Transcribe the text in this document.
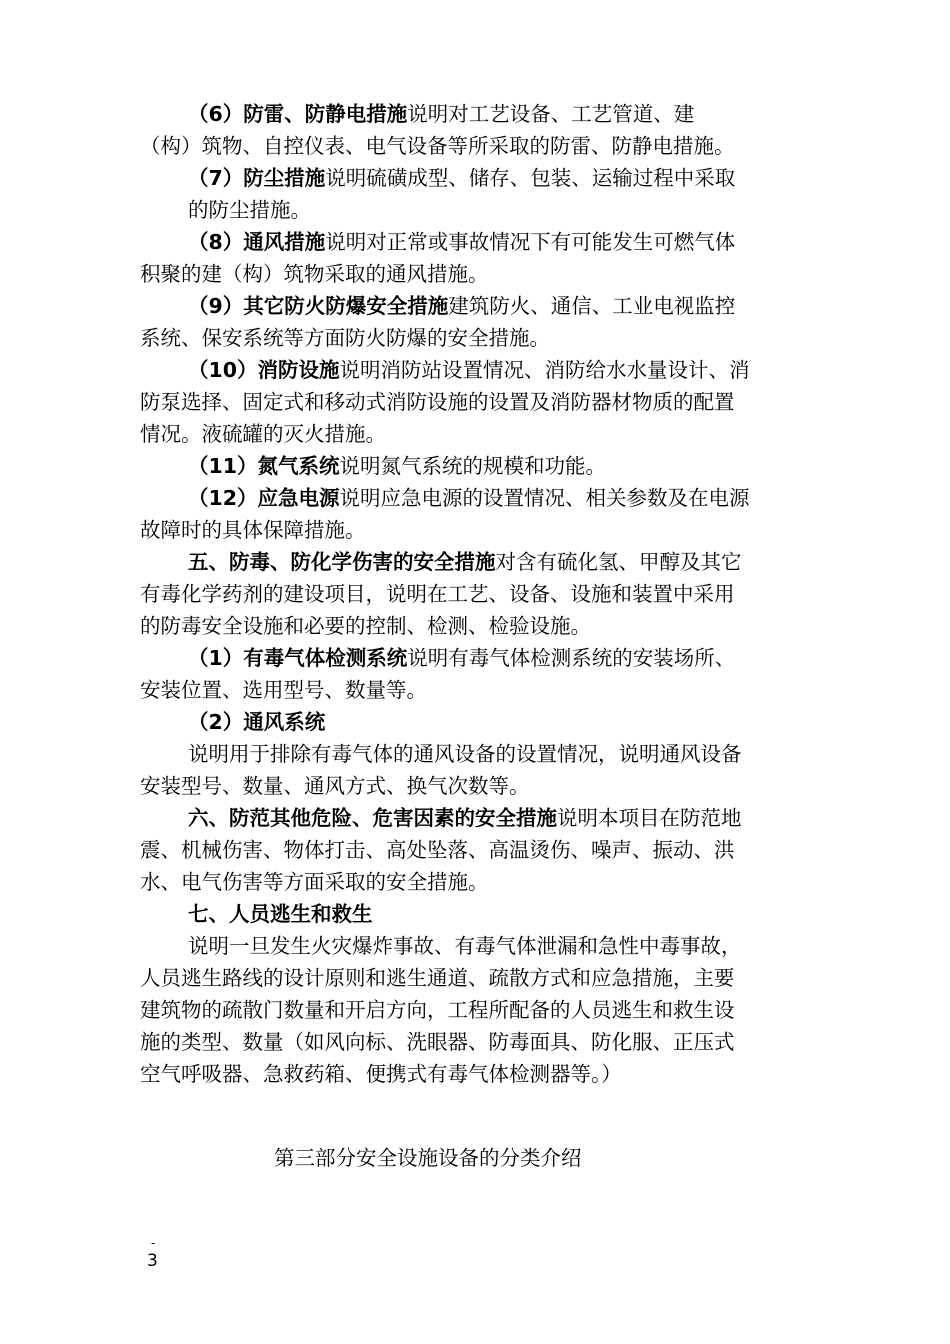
（6）防雷、防静电措施说明对工艺设备、工艺管道、建
（构）筑物、自控仪表、电气设备等所采取的防雷、防静电措施。
（7）防尘措施说明硫磺成型、储存、包装、运输过程中采取
的防尘措施。
（8）通风措施说明对正常或事故情况下有可能发生可燃气体
积聚的建（构）筑物采取的通风措施。
（9）其它防火防爆安全措施建筑防火、通信、工业电视监控
系统、保安系统等方面防火防爆的安全措施。
（10）消防设施说明消防站设置情况、消防给水水量设计、消
防泵选择、固定式和移动式消防设施的设置及消防器材物质的配置
情况。液硫罐的灭火措施。
（11）氮气系统说明氮气系统的规模和功能。
（12）应急电源说明应急电源的设置情况、相关参数及在电源
故障时的具体保障措施。
五、防毒、防化学伤害的安全措施对含有硫化氢、甲醇及其它
有毒化学药剂的建设项目，说明在工艺、设备、设施和装置中采用
的防毒安全设施和必要的控制、检测、检验设施。
（1）有毒气体检测系统说明有毒气体检测系统的安装场所、
安装位置、选用型号、数量等。
（2）通风系统
说明用于排除有毒气体的通风设备的设置情况，说明通风设备
安装型号、数量、通风方式、换气次数等。
六、防范其他危险、危害因素的安全措施说明本项目在防范地
震、机械伤害、物体打击、高处坠落、高温烫伤、噪声、振动、洪
水、电气伤害等方面采取的安全措施。
七、人员逃生和救生
说明一旦发生火灾爆炸事故、有毒气体泄漏和急性中毒事故，
人员逃生路线的设计原则和逃生通道、疏散方式和应急措施，主要
建筑物的疏散门数量和开启方向，工程所配备的人员逃生和救生设
施的类型、数量（如风向标、洗眼器、防毒面具、防化服、正压式
空气呼吸器、急救药箱、便携式有毒气体检测器等。）
第三部分安全设施设备的分类介绍
-
3
